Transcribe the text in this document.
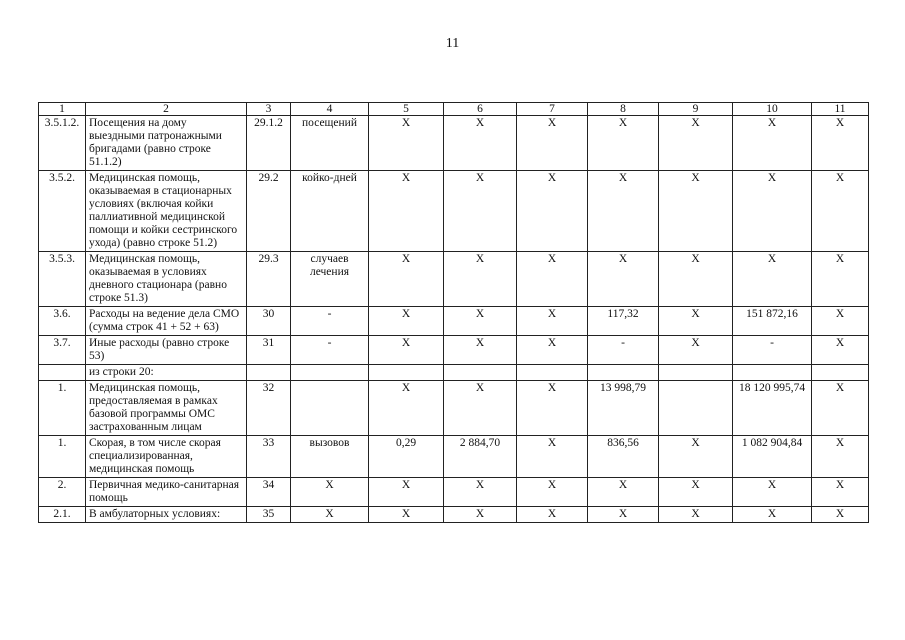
11
1	2	3	4	5	6	7	8	9	10	11
3.5.1.2.	Посещения на дому выездными патронажными бригадами (равно строке 51.1.2)	29.1.2	посещений	X	X	X	X	X	X	X
3.5.2.	Медицинская помощь, оказываемая в стационарных условиях (включая койки паллиативной медицинской помощи и койки сестринского ухода) (равно строке 51.2)	29.2	койко-дней	X	X	X	X	X	X	X
3.5.3.	Медицинская помощь, оказываемая в условиях дневного стационара (равно строке 51.3)	29.3	случаев лечения	X	X	X	X	X	X	X
3.6.	Расходы на ведение дела СМО (сумма строк 41 + 52 + 63)	30	-	X	X	X	117,32	X	151 872,16	X
3.7.	Иные расходы (равно строке 53)	31	-	X	X	X	-	X	-	X
	из строки 20:									
1.	Медицинская помощь, предоставляемая в рамках базовой программы ОМС застрахованным лицам	32		X	X	X	13 998,79		18 120 995,74	X
1.	Скорая, в том числе скорая специализированная, медицинская помощь	33	вызовов	0,29	2 884,70	X	836,56	X	1 082 904,84	X
2.	Первичная медико-санитарная помощь	34	X	X	X	X	X	X	X	X
2.1.	В амбулаторных условиях:	35	X	X	X	X	X	X	X	X
